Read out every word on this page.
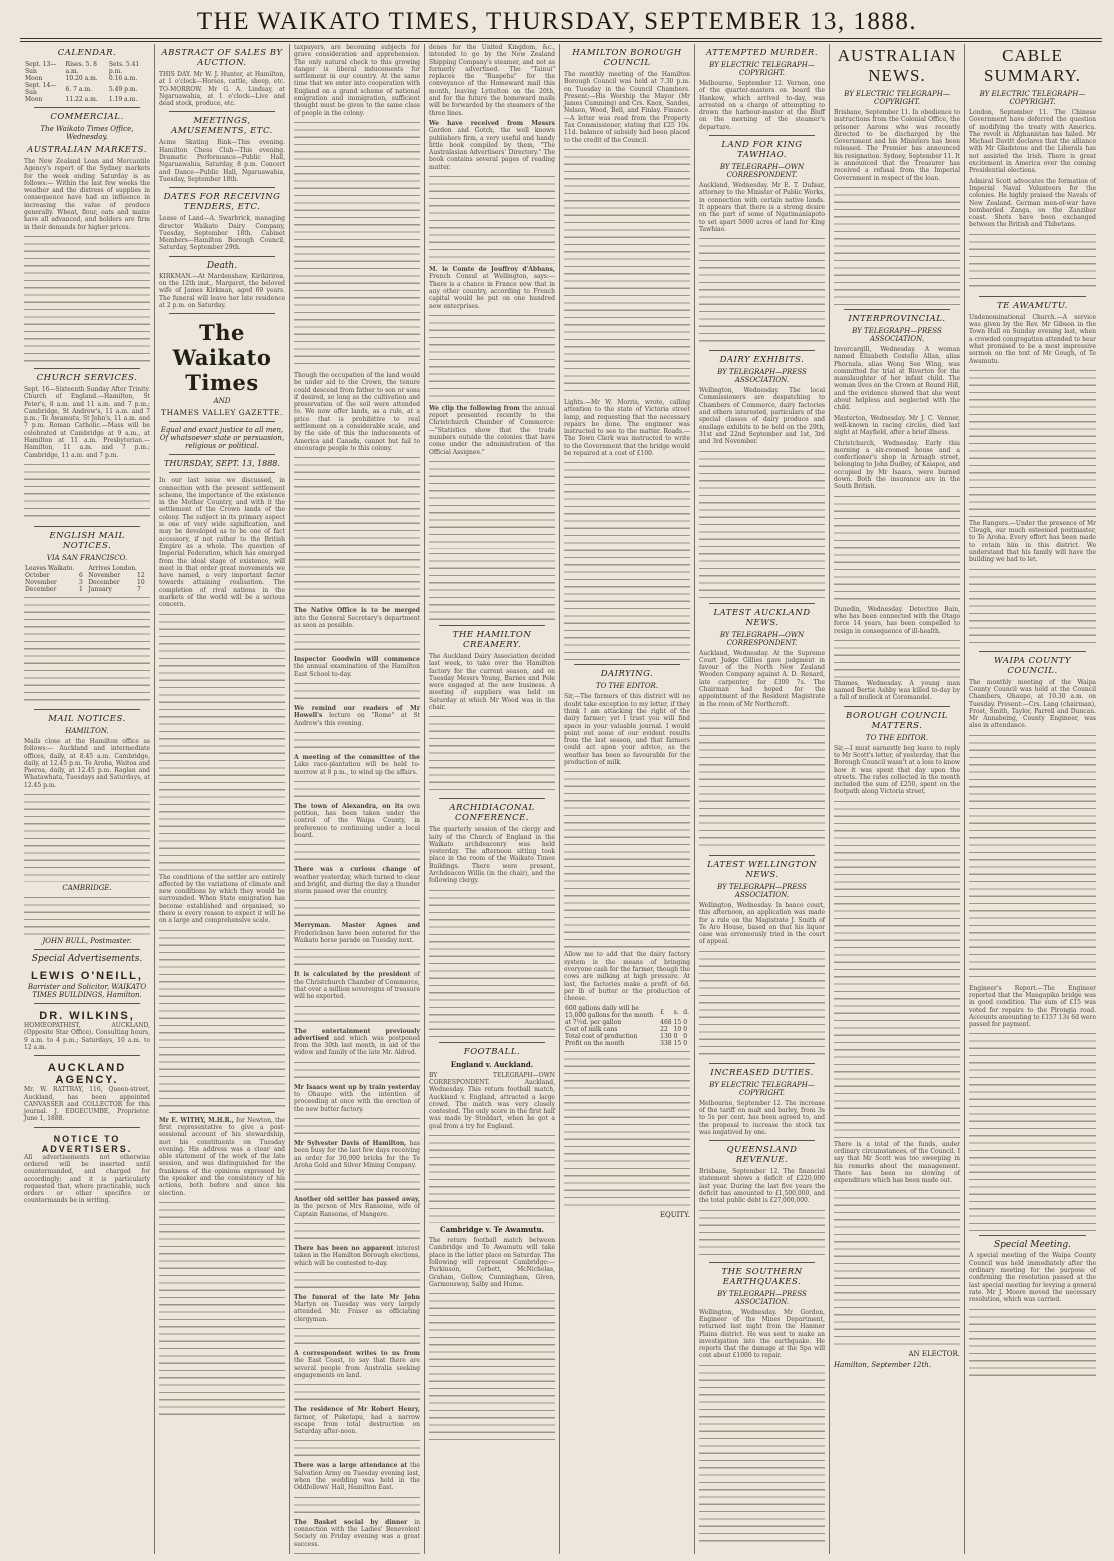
THE WAIKATO TIMES, THURSDAY, SEPTEMBER 13, 1888.
CALENDAR.
Sept. 13—Sun	Rises. 5. 8 a.m.	Sets. 5.41 p.m.
Moon	10.20 a.m.	0.16 a.m.
Sept. 14—Sun	6. 7 a.m.	5.49 p.m.
Moon	11.22 a.m.	1.19 a.m.
COMMERCIAL.
The Waikato Times Office, Wednesday.
AUSTRALIAN MARKETS.
The New Zealand Loan and Mercantile Agency's report of the Sydney markets for the week ending Saturday is as follows:— Within the last few weeks the weather and the distress of supplies in consequence have had an influence in increasing the value of produce generally. Wheat, flour, oats and maize have all advanced, and holders are firm in their demands for higher prices.
CHURCH SERVICES.
Sept. 16—Sixteenth Sunday After Trinity. Church of England.—Hamilton, St Peter's, 8 a.m. and 11 a.m. and 7 p.m.; Cambridge, St Andrew's, 11 a.m. and 7 p.m.; Te Awamutu, St John's, 11 a.m. and 7 p.m. Roman Catholic.—Mass will be celebrated at Cambridge at 9 a.m., at Hamilton at 11 a.m. Presbyterian.—Hamilton, 11 a.m. and 7 p.m.; Cambridge, 11 a.m. and 7 p.m.
ENGLISH MAIL NOTICES.
VIA SAN FRANCISCO.
Leaves Waikato.		Arrives London.	
October	6	November	12
November	3	December	10
December	1	January	7
MAIL NOTICES.
HAMILTON.
Mails close at the Hamilton office as follows:— Auckland and intermediate offices, daily, at 8.45 a.m. Cambridge, daily, at 12.45 p.m. Te Aroha, Waitoa and Paeroa, daily, at 12.45 p.m. Raglan and Whatawhata, Tuesdays and Saturdays, at 12.45 p.m.
CAMBRIDGE.
JOHN BULL, Postmaster.
Special Advertisements.
LEWIS O'NEILL,
Barrister and Solicitor, WAIKATO TIMES BUILDINGS, Hamilton.
DR. WILKINS,
HOMŒOPATHIST, AUCKLAND, (Opposite Star Office). Consulting hours, 9 a.m. to 4 p.m.; Saturdays, 10 a.m. to 12 a.m.
AUCKLAND AGENCY.
Mr. W. RATTRAY, 116, Queen-street, Auckland, has been appointed CANVASSER and COLLECTOR for this journal. J. EDGECUMBE, Proprietor. June 1, 1888.
NOTICE TO ADVERTISERS.
All advertisements not otherwise ordered will be inserted until countermanded, and charged for accordingly; and it is particularly requested that, where practicable, such orders or other specifics or countermands be in writing.
ABSTRACT OF SALES BY AUCTION.
THIS DAY. Mr W. J. Hunter, at Hamilton, at 1 o'clock—Horses, cattle, sheep, etc. TO-MORROW. Mr G. A. Lindsay, at Ngaruawahia, at 1 o'clock—Live and dead stock, produce, etc.
MEETINGS, AMUSEMENTS, ETC.
Acme Skating Rink—This evening. Hamilton Chess Club—This evening. Dramatic Performance—Public Hall, Ngaruawahia, Saturday, 8 p.m. Concert and Dance—Public Hall, Ngaruawahia, Tuesday, September 18th.
DATES FOR RECEIVING TENDERS, ETC.
Lease of Land—A. Swarbrick, managing director Waikato Dairy Company, Tuesday, September 18th. Cabinet Members—Hamilton Borough Council, Saturday, September 29th.
Death.
KIRKMAN.—At Mardenshaw, Kirikiriroa, on the 12th inst., Margaret, the beloved wife of James Kirkman, aged 69 years. The funeral will leave her late residence at 2 p.m. on Saturday.
The Waikato Times
AND
THAMES VALLEY GAZETTE.
Equal and exact justice to all men, Of whatsoever state or persuasion, religious or political.
THURSDAY, SEPT. 13, 1888.
In our last issue we discussed, in connection with the present settlement scheme, the importance of the existence in the Mother Country, and with it the settlement of the Crown lands of the colony. The subject in its primary aspect is one of very wide signification, and may be developed as to be one of fact accessory, if not rather to the British Empire as a whole. The question of Imperial Federation, which has emerged from the ideal stage of existence, will meet in that order great movements we have named, a very important factor towards attaining realisation. The completion of rival nations in the markets of the world will be a serious concern.
The conditions of the settler are entirely affected by the variations of climate and new conditions by which they would be surrounded. When State emigration has become established and organised, so there is every reason to expect it will be on a large and comprehensive scale.
Mr E. WITHY, M.H.R., for Newton, the first representative to give a post-sessional account of his stewardship, met his constituents on Tuesday evening. His address was a clear and able statement of the work of the late session, and was distinguished for the frankness of the opinions expressed by the speaker and the consistency of his actions, both before and since his election.
taxpayers, are becoming subjects for grave consideration and apprehension. The only natural check to this growing danger is liberal inducements for settlement in our country. At the same time that we enter into cooperation with England on a grand scheme of national emigration and immigration, sufficient thought must be given to the same class of people in the colony.
Though the occupation of the land would be under aid to the Crown, the tenure could descend from father to son or sons if desired, so long as the cultivation and preservation of the soil were attended to. We now offer lands, as a rule, at a price that is prohibitive to real settlement on a considerable scale, and by the side of this the inducements of America and Canada, cannot but fail to encourage people to this colony.
The Native Office is to be merged into the General Secretary's department as soon as possible.
Inspector Goodwin will commence the annual examination of the Hamilton East School to-day.
We remind our readers of Mr Howell's lecture on "Rome" at St Andrew's this evening.
A meeting of the committee of the Lake race-plantation will be held to-morrow at 8 p.m., to wind up the affairs.
The town of Alexandra, on its own petition, has been taken under the control of the Waipa County, in preference to continuing under a local board.
There was a curious change of weather yesterday, which turned to clear and bright, and during the day a thunder storm passed over the country.
Merryman. Master Agnes and Frederickson have been entered for the Waikato horse parade on Tuesday next.
It is calculated by the president of the Christchurch Chamber of Commerce, that over a million sovereigns of treasure will be exported.
The entertainment previously advertised and which was postponed from the 30th last month, in aid of the widow and family of the late Mr. Aldred.
Mr Isaacs went up by train yesterday to Ohaupo with the intention of proceeding at once with the erection of the new butter factory.
Mr Sylvester Davis of Hamilton, has been busy for the last few days receiving an order for 30,000 bricks for the Te Aroha Gold and Silver Mining Company.
Another old settler has passed away, in the person of Mrs Ransome, wife of Captain Ransome, of Mangere.
There has been no apparent interest taken in the Hamilton Borough elections, which will be contested to-day.
The funeral of the late Mr John Martyn on Tuesday was very largely attended. Mr. Fraser as officiating clergyman.
A correspondent writes to us from the East Coast, to say that there are several people from Australia seeking engagements on land.
The residence of Mr Robert Henry, farmer, of Puketapu, had a narrow escape from total destruction on Saturday after-noon.
There was a large attendance at the Salvation Army on Tuesday evening last, when the wedding was held in the Oddfellows' Hall, Hamilton East.
The Basket social by dinner in connection with the Ladies' Benevolent Society on Friday evening was a great success.
denes for the United Kingdom, &c., intended to go by the New Zealand Shipping Company's steamer, and not as formerly advertised. The "Tainui" replaces the "Ruapehu" for the conveyance of the Homeward mail this month, leaving Lyttelton on the 20th, and for the future the homeward mails will be forwarded by the steamers of the three lines.
We have received from Messrs Gordon and Gotch, the well known publishers firm, a very useful and handy little book compiled by them, "The Australasian Advertisers' Directory." The book contains several pages of reading matter.
M. le Comte de Jouffroy d'Abbans, French Consul at Wellington, says:—There is a chance in France now that in any other country, according to French capital would be put on one hundred new enterprises.
We clip the following from the annual report presented recently to the Christchurch Chamber of Commerce:—"Statistics show that the trade numbers outside the colonies that have come under the administration of the Official Assignee."
THE HAMILTON CREAMERY.
The Auckland Dairy Association decided last week, to take over the Hamilton factory for the current season, and on Tuesday Messrs Young, Barnes and Pole were engaged at the new business. A meeting of suppliers was held on Saturday at which Mr Wood was in the chair.
ARCHIDIACONAL CONFERENCE.
The quarterly session of the clergy and laity of the Church of England in the Waikato archdeaconry was held yesterday. The afternoon sitting took place in the room of the Waikato Times Buildings. There were present, Archdeacon Willis (in the chair), and the following clergy.
FOOTBALL.
England v. Auckland.
BY TELEGRAPH—OWN CORRESPONDENT. Auckland, Wednesday. This return football match, Auckland v. England, attracted a large crowd. The match was very closely contested. The only score in the first half was made by Stoddart, when he got a goal from a try for England.
Cambridge v. Te Awamutu.
The return football match between Cambridge and Te Awamutu will take place in the latter place on Saturday. The following will represent Cambridge:—Parkinson, Corbett, McNicholas, Graham, Gollow, Cunningham, Given, Garmonsway, Salby and Hume.
HAMILTON BOROUGH COUNCIL
The monthly meeting of the Hamilton Borough Council was held at 7.30 p.m. on Tuesday in the Council Chambers. Present:—His Worship the Mayor (Mr James Cumming) and Crs. Knox, Sandes, Nelson, Wood, Bell, and Finlay. Finance.—A letter was read from the Property Tax Commissioner, stating that £25 10s. 11d. balance of subsidy had been placed to the credit of the Council.
Lights.—Mr W. Morris, wrote, calling attention to the state of Victoria street lamp, and requesting that the necessary repairs be done. The engineer was instructed to see to the matter. Roads.—The Town Clerk was instructed to write to the Government that the bridge would be repaired at a cost of £100.
DAIRYING.
TO THE EDITOR.
Sir,—The farmers of this district will no doubt take exception to my letter, if they think I am attacking the right of the dairy farmer; yet I trust you will find space in your valuable journal. I would point out some of our evident results from the last season, and that farmers could act upon your advice, as the weather has been so favourable for the production of milk.
Allow me to add that the dairy factory system is the means of bringing everyone cash for the farmer, though the cows are milking at high pressure. At last, the factories make a profit of 6d. per lb of butter or the production of cheese.
600 gallons daily will be 15,000 gallons for the month	£	s.	d.
at 7½d. per gallon	468	15	0
Cost of milk cans	22	10	0
Total cost of production	130	0	0
Profit on the month	338	15	0
EQUITY.
ATTEMPTED MURDER.
BY ELECTRIC TELEGRAPH—COPYRIGHT.
Melbourne, September 12. Vernon, one of the quarter-masters on board the Hankow, which arrived to-day, was arrested on a charge of attempting to drown the harbour-master at the Bluff on the morning of the steamer's departure.
LAND FOR KING TAWHIAO.
BY TELEGRAPH—OWN CORRESPONDENT.
Auckland, Wednesday. Mr E. T. Dufaur, attorney to the Minister of Public Works, in connection with certain native lands. It appears that there is a strong desire on the part of some of Ngatimaniapoto to set apart 5000 acres of land for King Tawhiao.
DAIRY EXHIBITS.
BY TELEGRAPH—PRESS ASSOCIATION.
Wellington, Wednesday. The local Commissioners are despatching to Chambers of Commerce, dairy factories and others interested, particulars of the special classes of dairy produce and ensilage exhibits to be held on the 29th, 31st and 22nd September and 1st, 3rd and 3rd November.
LATEST AUCKLAND NEWS.
BY TELEGRAPH—OWN CORRESPONDENT.
Auckland, Wednesday. At the Supreme Court Judge Gillies gave judgment in favour of the North New Zealand Wooden Company against A. D. Renard, late carpenter, for £300 7s. The Chairman had hoped for the appointment of the Resident Magistrate in the room of Mr Northcroft.
LATEST WELLINGTON NEWS.
BY TELEGRAPH—PRESS ASSOCIATION.
Wellington, Wednesday. In banco court, this afternoon, an application was made for a rule on the Magistrate J. Smith of Te Aro House, based on that his liquor case was erroneously tried in the court of appeal.
INCREASED DUTIES.
BY ELECTRIC TELEGRAPH—COPYRIGHT.
Melbourne, September 12. The increase of the tariff on malt and barley, from 3s to 5s per cent. has been agreed to, and the proposal to increase the stock tax was negatived by one.
QUEENSLAND REVENUE.
Brisbane, September 12. The financial statement shows a deficit of £220,000 last year. During the last five years the deficit has amounted to £1,500,000, and the total public debt is £27,000,000.
THE SOUTHERN EARTHQUAKES.
BY TELEGRAPH—PRESS ASSOCIATION.
Wellington, Wednesday. Mr Gordon, Engineer of the Mines Department, returned last night from the Hanmer Plains district. He was sent to make an investigation into the earthquake. He reports that the damage at the Spa will cost about £1000 to repair.
AUSTRALIAN NEWS.
BY ELECTRIC TELEGRAPH—COPYRIGHT.
Brisbane, September 11. In obedience to instructions from the Colonial Office, the prisoner Aarons who was recently directed to be discharged by the Government and his Ministers has been released. The Premier has announced his resignation. Sydney, September 11. It is announced that the Treasurer has received a refusal from the Imperial Government in respect of the loan.
INTERPROVINCIAL.
BY TELEGRAPH—PRESS ASSOCIATION.
Invercargill, Wednesday. A woman named Elizabeth Costello Allan, alias Phornala, alias Wong See Wing, was committed for trial at Riverton for the manslaughter of her infant child. The woman lives on the Crown at Round Hill, and the evidence showed that she went about helpless and neglected with the child.
Masterton, Wednesday. Mr J. C. Venner, well-known in racing circles, died last night at Mayfield, after a brief illness.
Christchurch, Wednesday. Early this morning a six-roomed house and a confectioner's shop in Armagh street, belonging to John Dudley, of Kaiapoi, and occupied by Mr Isaacs, were burned down. Both the insurance are in the South British.
Dunedin, Wednesday. Detective Bain, who has been connected with the Otago force 14 years, has been compelled to resign in consequence of ill-health.
Thames, Wednesday. A young man named Bertie Ashby was killed to-day by a fall of mullock at Coromandel.
BOROUGH COUNCIL MATTERS.
TO THE EDITOR.
Sir,—I must earnestly beg leave to reply to Mr Scott's letter, of yesterday, that the Borough Council wasn't at a loss to know how it was spent that day upon the streets. The rates collected in the month included the sum of £250, spent on the footpath along Victoria street.
There is a total of the funds, under ordinary circumstances, of the Council. I say that Mr Scott was too sweeping in his remarks about the management. There has been no slowing of expenditure which has been made out.
AN ELECTOR.
Hamilton, September 12th.
CABLE SUMMARY.
BY ELECTRIC TELEGRAPH—COPYRIGHT.
London, September 11. The Chinese Government have deferred the question of modifying the treaty with America. The revolt in Afghanistan has failed. Mr Michael Davitt declares that the alliance with Mr Gladstone and the Liberals has not assisted the Irish. There is great excitement in America over the coming Presidential elections.
Admiral Scott advocates the formation of Imperial Naval Volunteers for the colonies. He highly praised the Navals of New Zealand. German men-of-war have bombarded Zanga, on the Zanzibar coast. Shots have been exchanged between the British and Thibetans.
TE AWAMUTU.
Undenominational Church.—A service was given by the Rev. Mr Gibson in the Town Hall on Sunday evening last, when a crowded congregation attended to hear what promised to be a most impressive sermon on the text of Mr Gough, of Te Awamutu.
The Rangers.—Under the presence of Mr Clough, our much esteemed postmaster, to Te Aroha. Every effort has been made to retain him in this district. We understand that his family will have the building we had to let.
WAIPA COUNTY COUNCIL.
The monthly meeting of the Waipa County Council was held at the Council Chambers, Ohaupo, at 10.30 a.m. on Tuesday. Present:—Crs. Lang (chairman), Frost, Smith, Taylor, Parrell and Duncan. Mr Annabeing, County Engineer, was also in attendance.
Engineer's Report.—The Engineer reported that the Mangapiko bridge was in good condition. The sum of £15 was voted for repairs to the Pirongia road. Accounts amounting to £157 13s 6d were passed for payment.
Special Meeting.
A special meeting of the Waipa County Council was held immediately after the ordinary meeting for the purpose of confirming the resolution passed at the last special meeting for levying a general rate. Mr J. Moore moved the necessary resolution, which was carried.
